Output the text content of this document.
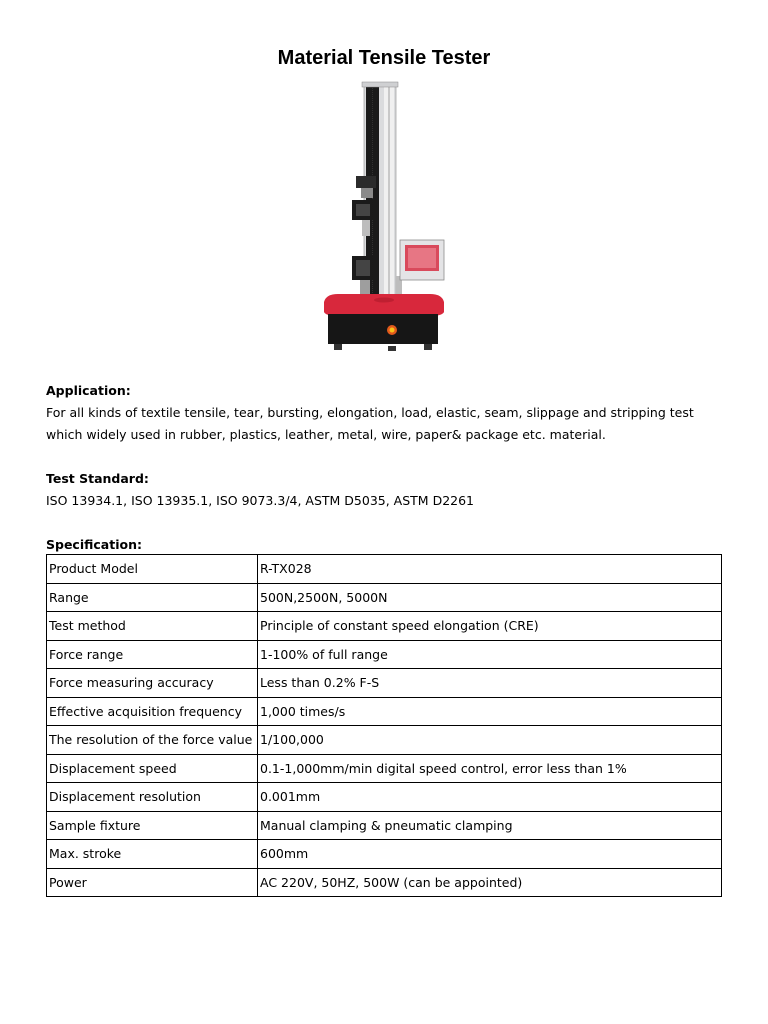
Material Tensile Tester
Application:
For all kinds of textile tensile, tear, bursting, elongation, load, elastic, seam, slippage and stripping test
which widely used in rubber, plastics, leather, metal, wire, paper& package etc. material.
Test Standard:
ISO 13934.1, ISO 13935.1, ISO 9073.3/4, ASTM D5035, ASTM D2261
Specification:
Product Model	R-TX028
Range	500N,2500N, 5000N
Test method	Principle of constant speed elongation (CRE)
Force range	1-100% of full range
Force measuring accuracy	Less than 0.2% F-S
Effective acquisition frequency	1,000 times/s
The resolution of the force value	1/100,000
Displacement speed	0.1-1,000mm/min digital speed control, error less than 1%
Displacement resolution	0.001mm
Sample fixture	Manual clamping & pneumatic clamping
Max. stroke	600mm
Power	AC 220V, 50HZ, 500W (can be appointed)
